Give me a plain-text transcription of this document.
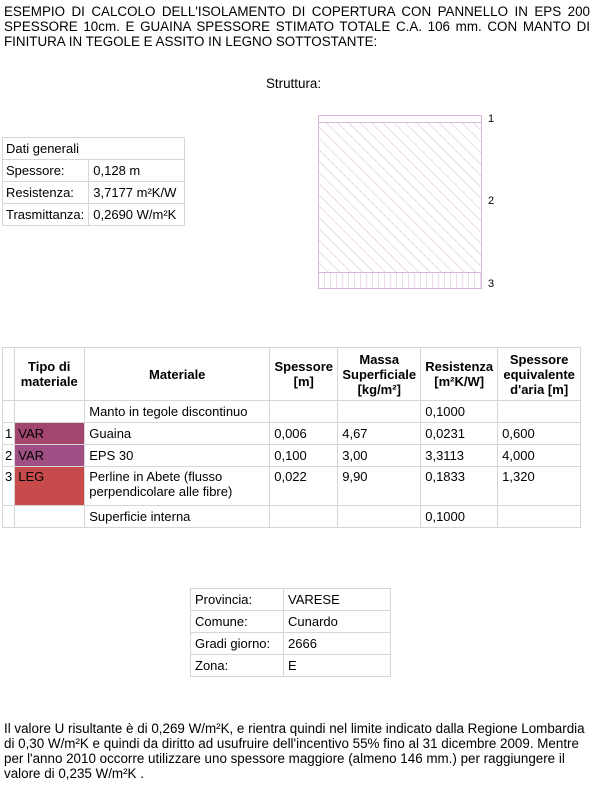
ESEMPIO DI CALCOLO DELL'ISOLAMENTO DI COPERTURA CON PANNELLO IN EPS 200 SPESSORE 10cm. E GUAINA SPESSORE STIMATO TOTALE C.A. 106 mm. CON MANTO DI FINITURA IN TEGOLE E ASSITO IN LEGNO SOTTOSTANTE:
Struttura:
Dati generali	
Spessore:	0,128 m
Resistenza:	3,7177 m²K/W
Trasmittanza:	0,2690 W/m²K
1
2
3
	Tipo di materiale	Materiale	Spessore [m]	Massa Superficiale [kg/m²]	Resistenza [m²K/W]	Spessore equivalente d'aria [m]
		Manto in tegole discontinuo			0,1000	
1	VAR	Guaina	0,006	4,67	0,0231	0,600
2	VAR	EPS 30	0,100	3,00	3,3113	4,000
3	LEG	Perline in Abete (flusso perpendicolare alle fibre)	0,022	9,90	0,1833	1,320
		Superficie interna			0,1000	
Provincia:	VARESE
Comune:	Cunardo
Gradi giorno:	2666
Zona:	E
Il valore U risultante è di 0,269 W/m²K, e rientra quindi nel limite indicato dalla Regione Lombardia di 0,30 W/m²K e quindi da diritto ad usufruire dell'incentivo 55% fino al 31 dicembre 2009. Mentre per l'anno 2010 occorre utilizzare uno spessore maggiore (almeno 146 mm.) per raggiungere il valore di 0,235 W/m²K .
